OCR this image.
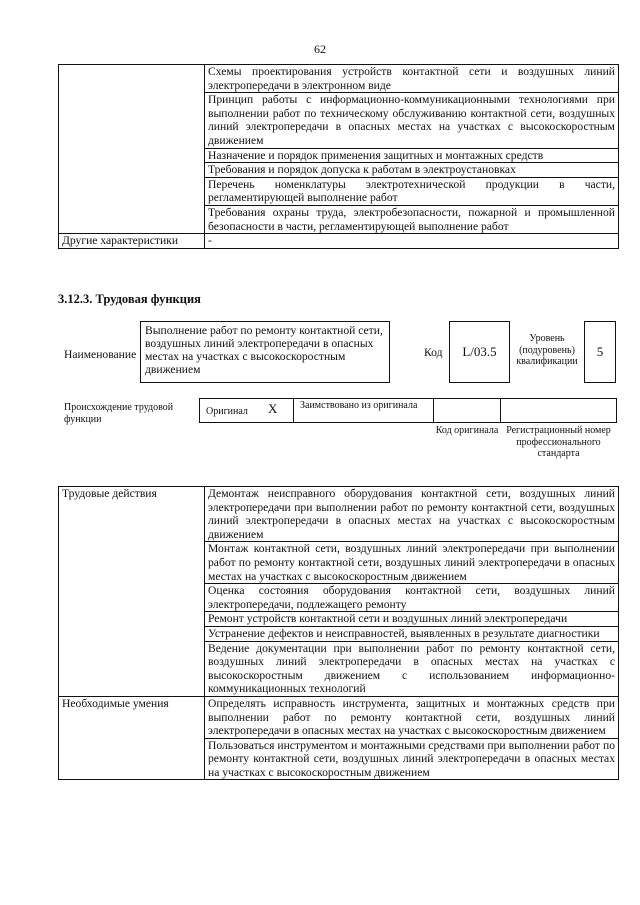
62
	Схемы проектирования устройств контактной сети и воздушных линий электропередачи в электронном виде
	Принцип работы с информационно-коммуникационными технологиями при выполнении работ по техническому обслуживанию контактной сети, воздушных линий электропередачи в опасных местах на участках с высокоскоростным движением
	Назначение и порядок применения защитных и монтажных средств
	Требования и порядок допуска к работам в электроустановках
	Перечень номенклатуры электротехнической продукции в части, регламентирующей выполнение работ
	Требования охраны труда, электробезопасности, пожарной и промышленной безопасности в части, регламентирующей выполнение работ
Другие характеристики	-
3.12.3. Трудовая функция
Наименование
Выполнение работ по ремонту контактной сети, воздушных линий электропередачи в опасных местах на участках с высокоскоростным движением
Код	L/03.5
Уровень (подуровень) квалификации
5
Происхождение трудовой функции
Оригинал X	Заимствовано из оригинала
Код оригинала Регистрационный номер профессионального стандарта
Трудовые действия	Демонтаж неисправного оборудования контактной сети, воздушных линий электропередачи при выполнении работ по ремонту контактной сети, воздушных линий электропередачи в опасных местах на участках с высокоскоростным движением
	Монтаж контактной сети, воздушных линий электропередачи при выполнении работ по ремонту контактной сети, воздушных линий электропередачи в опасных местах на участках с высокоскоростным движением
	Оценка состояния оборудования контактной сети, воздушных линий электропередачи, подлежащего ремонту
	Ремонт устройств контактной сети и воздушных линий электропередачи
	Устранение дефектов и неисправностей, выявленных в результате диагностики
	Ведение документации при выполнении работ по ремонту контактной сети, воздушных линий электропередачи в опасных местах на участках с высокоскоростным движением с использованием информационно-коммуникационных технологий
Необходимые умения	Определять исправность инструмента, защитных и монтажных средств при выполнении работ по ремонту контактной сети, воздушных линий электропередачи в опасных местах на участках с высокоскоростным движением
	Пользоваться инструментом и монтажными средствами при выполнении работ по ремонту контактной сети, воздушных линий электропередачи в опасных местах на участках с высокоскоростным движением
